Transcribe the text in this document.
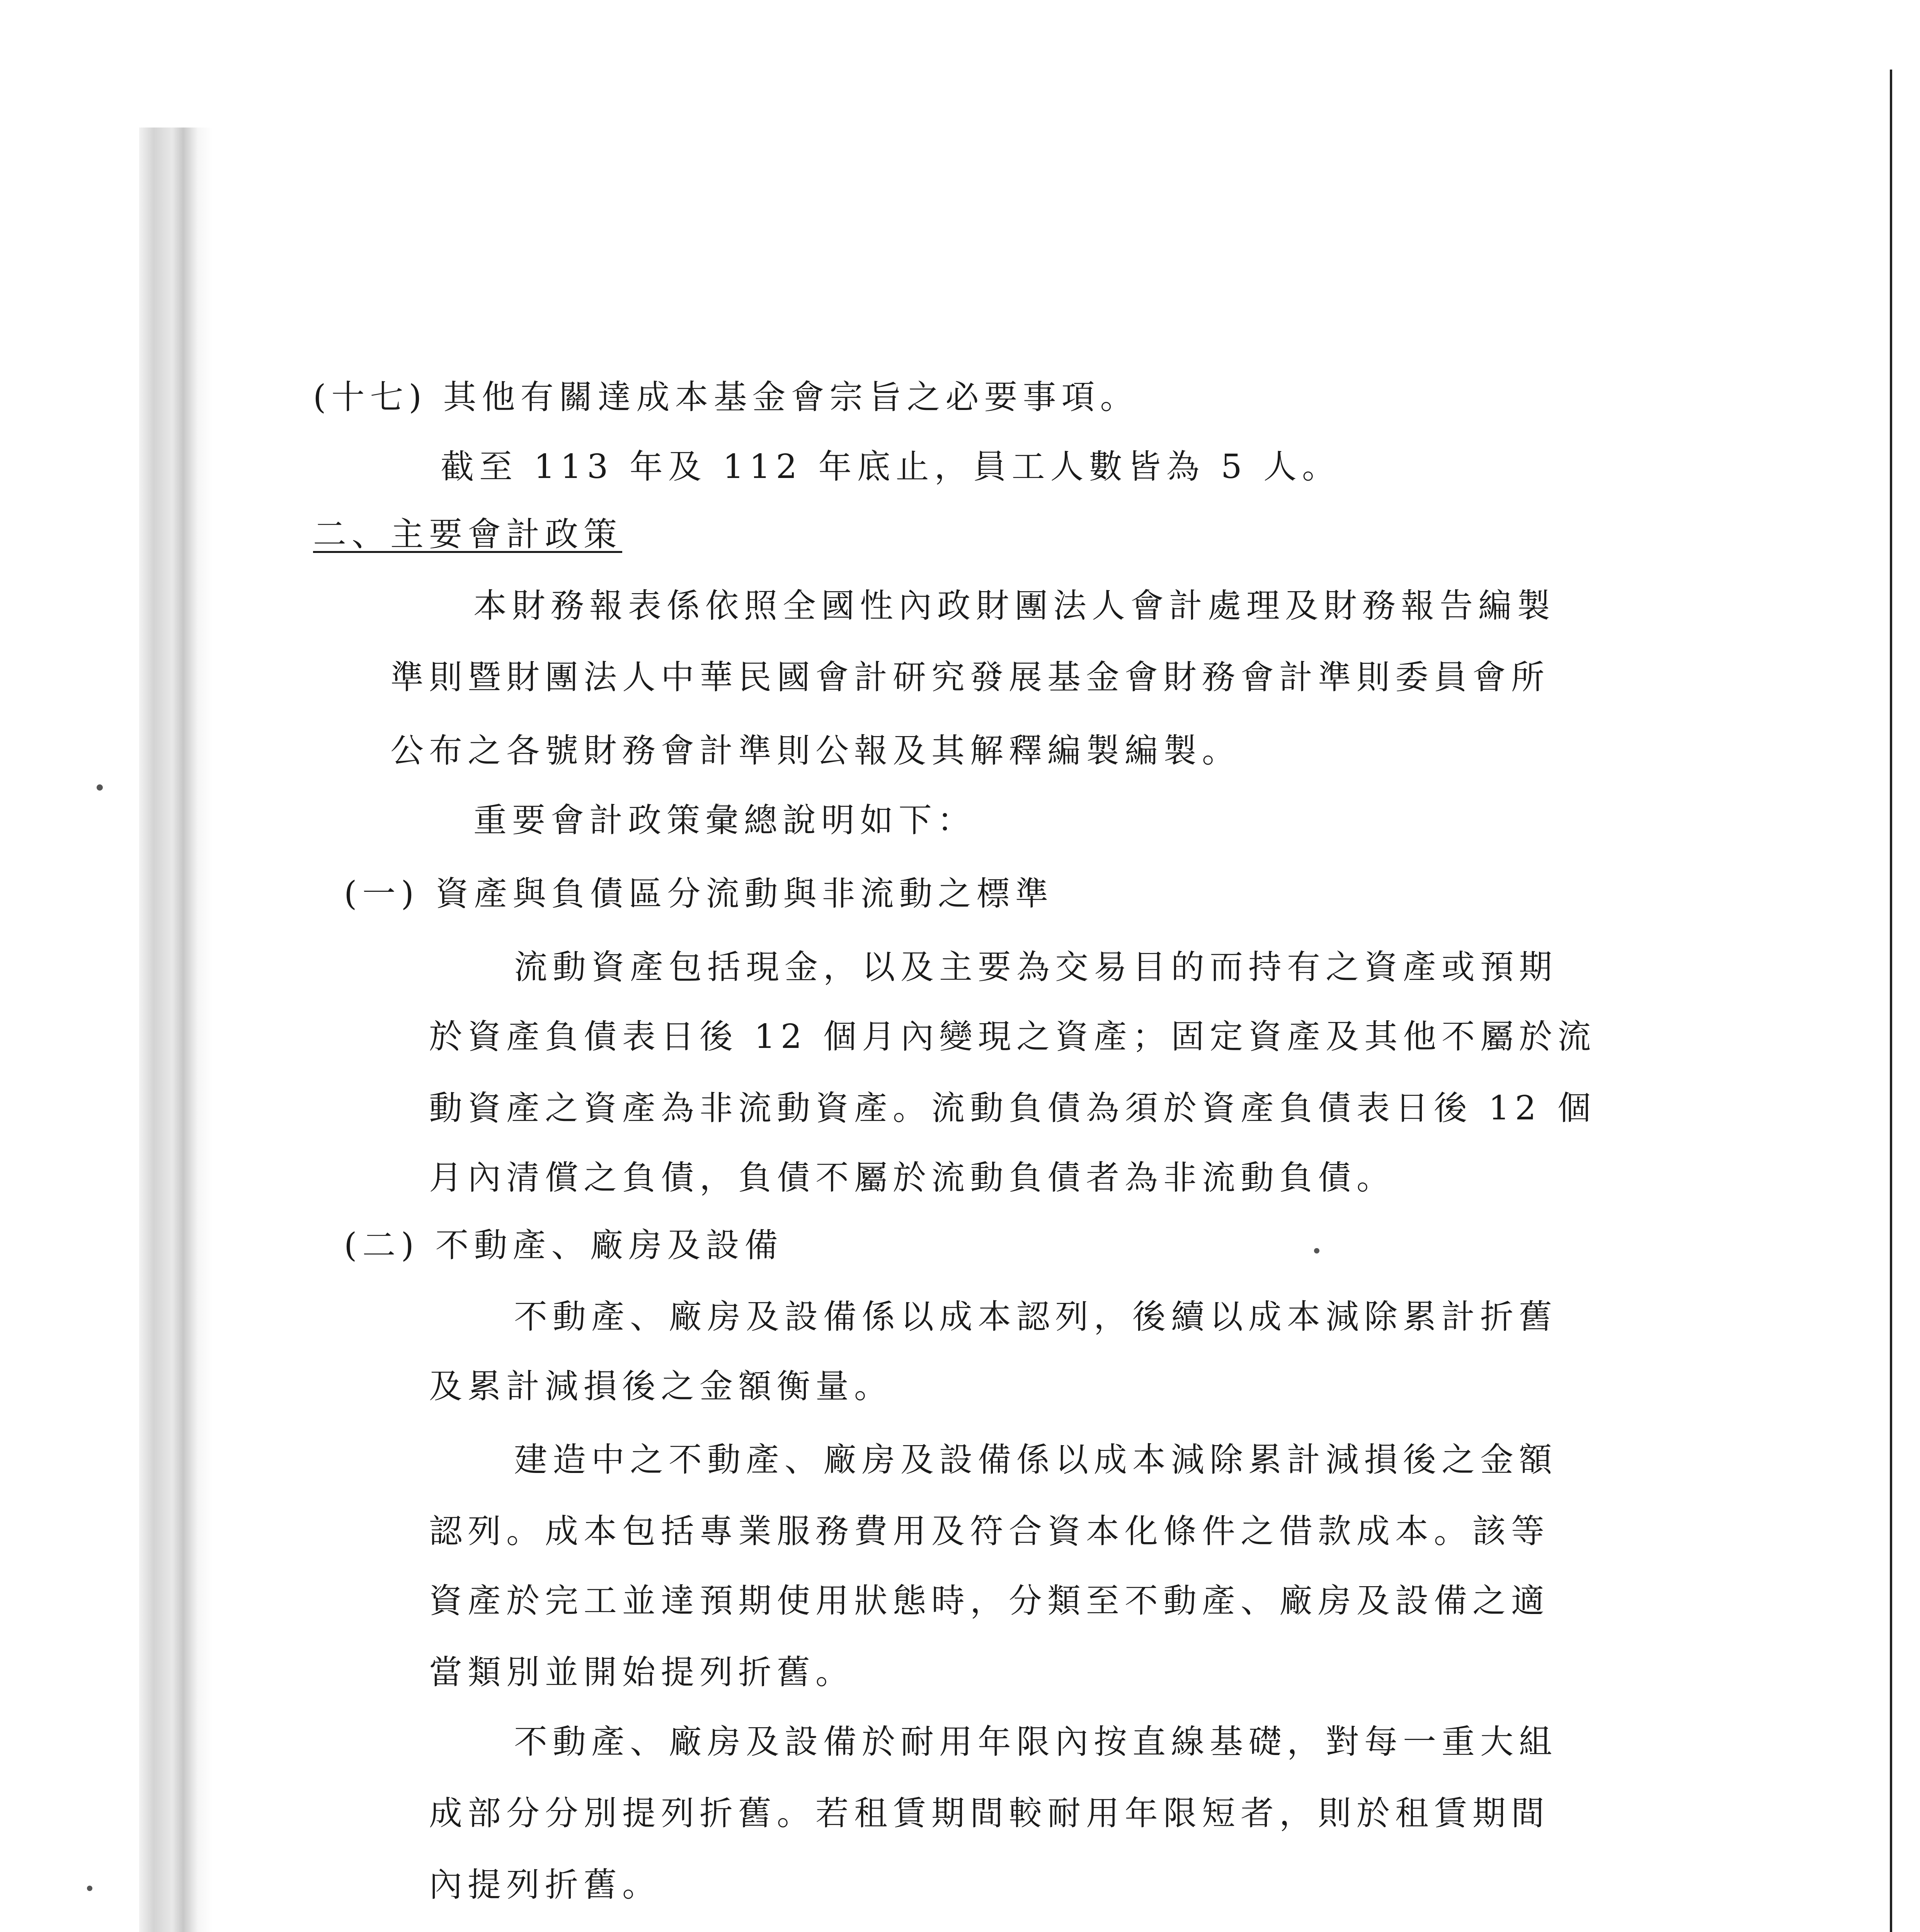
(十七) 其他有關達成本基金會宗旨之必要事項。
截至 113 年及 112 年底止，員工人數皆為 5 人。
二、主要會計政策
本財務報表係依照全國性內政財團法人會計處理及財務報告編製
準則暨財團法人中華民國會計研究發展基金會財務會計準則委員會所
公布之各號財務會計準則公報及其解釋編製編製。
重要會計政策彙總說明如下：
(一) 資產與負債區分流動與非流動之標準
流動資產包括現金，以及主要為交易目的而持有之資產或預期
於資產負債表日後 12 個月內變現之資產；固定資產及其他不屬於流
動資產之資產為非流動資產。流動負債為須於資產負債表日後 12 個
月內清償之負債，負債不屬於流動負債者為非流動負債。
(二) 不動產、廠房及設備
不動產、廠房及設備係以成本認列，後續以成本減除累計折舊
及累計減損後之金額衡量。
建造中之不動產、廠房及設備係以成本減除累計減損後之金額
認列。成本包括專業服務費用及符合資本化條件之借款成本。該等
資產於完工並達預期使用狀態時，分類至不動產、廠房及設備之適
當類別並開始提列折舊。
不動產、廠房及設備於耐用年限內按直線基礎，對每一重大組
成部分分別提列折舊。若租賃期間較耐用年限短者，則於租賃期間
內提列折舊。
